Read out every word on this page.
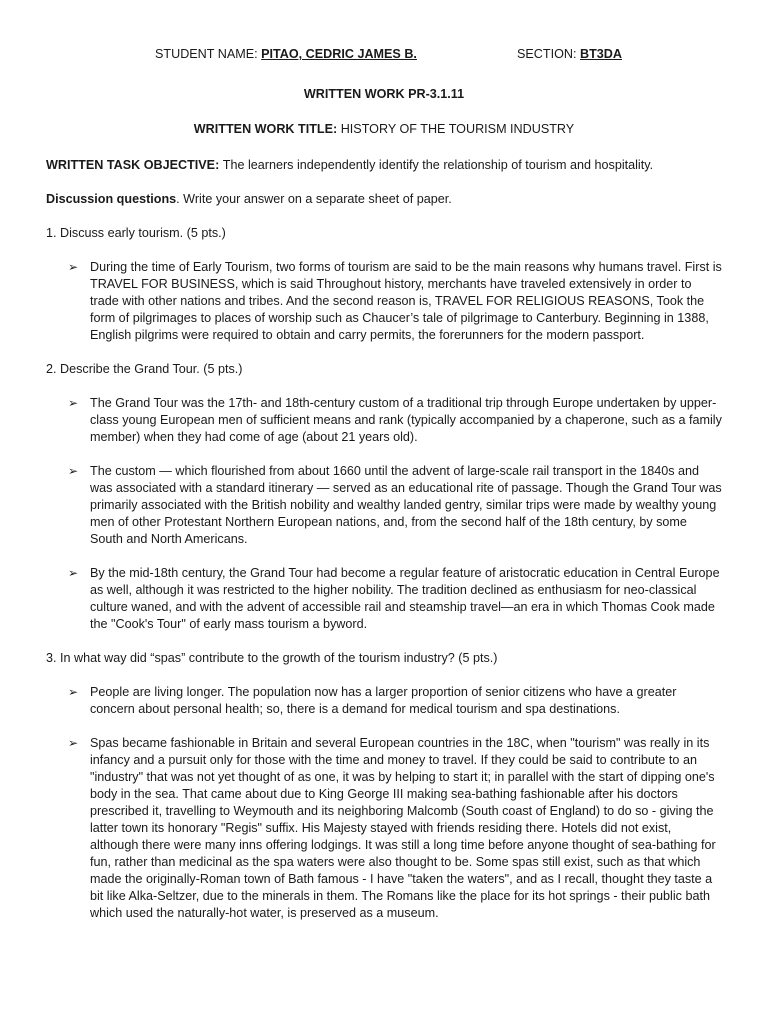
STUDENT NAME: PITAO, CEDRIC JAMES B.	SECTION: BT3DA

WRITTEN WORK PR-3.1.11

WRITTEN WORK TITLE: HISTORY OF THE TOURISM INDUSTRY

WRITTEN TASK OBJECTIVE: The learners independently identify the relationship of tourism and hospitality.

Discussion questions. Write your answer on a separate sheet of paper.

1. Discuss early tourism. (5 pts.)

➢ During the time of Early Tourism, two forms of tourism are said to be the main reasons why humans travel. First is TRAVEL FOR BUSINESS, which is said Throughout history, merchants have traveled extensively in order to trade with other nations and tribes. And the second reason is, TRAVEL FOR RELIGIOUS REASONS, Took the form of pilgrimages to places of worship such as Chaucer’s tale of pilgrimage to Canterbury. Beginning in 1388, English pilgrims were required to obtain and carry permits, the forerunners for the modern passport.

2. Describe the Grand Tour. (5 pts.)

➢ The Grand Tour was the 17th- and 18th-century custom of a traditional trip through Europe undertaken by upper-class young European men of sufficient means and rank (typically accompanied by a chaperone, such as a family member) when they had come of age (about 21 years old).
➢ The custom — which flourished from about 1660 until the advent of large-scale rail transport in the 1840s and was associated with a standard itinerary — served as an educational rite of passage. Though the Grand Tour was primarily associated with the British nobility and wealthy landed gentry, similar trips were made by wealthy young men of other Protestant Northern European nations, and, from the second half of the 18th century, by some South and North Americans.
➢ By the mid-18th century, the Grand Tour had become a regular feature of aristocratic education in Central Europe as well, although it was restricted to the higher nobility. The tradition declined as enthusiasm for neo-classical culture waned, and with the advent of accessible rail and steamship travel—an era in which Thomas Cook made the "Cook's Tour" of early mass tourism a byword.

3. In what way did “spas” contribute to the growth of the tourism industry? (5 pts.)

➢ People are living longer. The population now has a larger proportion of senior citizens who have a greater concern about personal health; so, there is a demand for medical tourism and spa destinations.
➢ Spas became fashionable in Britain and several European countries in the 18C, when "tourism" was really in its infancy and a pursuit only for those with the time and money to travel. If they could be said to contribute to an "industry" that was not yet thought of as one, it was by helping to start it; in parallel with the start of dipping one's body in the sea. That came about due to King George III making sea-bathing fashionable after his doctors prescribed it, travelling to Weymouth and its neighboring Malcomb (South coast of England) to do so - giving the latter town its honorary "Regis" suffix. His Majesty stayed with friends residing there. Hotels did not exist, although there were many inns offering lodgings. It was still a long time before anyone thought of sea-bathing for fun, rather than medicinal as the spa waters were also thought to be. Some spas still exist, such as that which made the originally-Roman town of Bath famous - I have "taken the waters", and as I recall, thought they taste a bit like Alka-Seltzer, due to the minerals in them. The Romans like the place for its hot springs - their public bath which used the naturally-hot water, is preserved as a museum.
